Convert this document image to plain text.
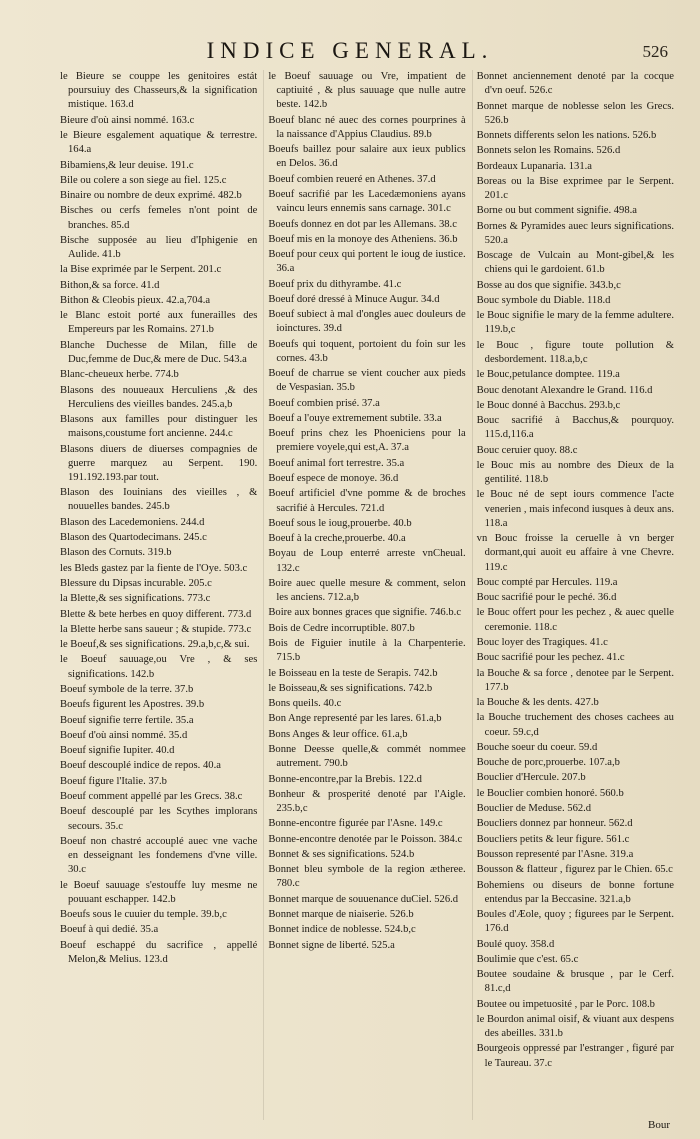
INDICE GENERAL.	526

le Bieure se couppe les genitoires estát poursuiuy des Chasseurs,& la signification mistique. 163.d

Bieure d'où ainsi nommé. 163.c

le Bieure esgalement aquatique & terrestre. 164.a

Bibamiens,& leur deuise. 191.c

Bile ou colere a son siege au fiel. 125.c

Binaire ou nombre de deux exprimé. 482.b

Bisches ou cerfs femeles n'ont point de branches. 85.d

Bische supposée au lieu d'Iphigenie en Aulide. 41.b

la Bise exprimée par le Serpent. 201.c

Bithon,& sa force. 41.d

Bithon & Cleobis pieux. 42.a,704.a

le Blanc estoit porté aux funerailles des Empereurs par les Romains. 271.b

Blanche Duchesse de Milan, fille de Duc,femme de Duc,& mere de Duc. 543.a

Blanc-cheueux herbe. 774.b

Blasons des nouueaux Herculiens ,& des Herculiens des vieilles bandes. 245.a,b

Blasons aux familles pour distinguer les maisons,coustume fort ancienne. 244.c

Blasons diuers de diuerses compagnies de guerre marquez au Serpent. 190. 191.192.193.par tout.

Blason des Iouinians des vieilles , & nouuelles bandes. 245.b

Blason des Lacedemoniens. 244.d

Blason des Quartodecimans. 245.c

Blason des Cornuts. 319.b

les Bleds gastez par la fiente de l'Oye. 503.c

Blessure du Dipsas incurable. 205.c

la Blette,& ses significations. 773.c

Blette & bete herbes en quoy different. 773.d

la Blette herbe sans saueur ; & stupide. 773.c

le Boeuf,& ses significations. 29.a,b,c,& sui.

le Boeuf sauuage,ou Vre , & ses significations. 142.b

Boeuf symbole de la terre. 37.b

Boeufs figurent les Apostres. 39.b

Boeuf signifie terre fertile. 35.a

Boeuf d'où ainsi nommé. 35.d

Boeuf signifie Iupiter. 40.d

Boeuf descouplé indice de repos. 40.a

Boeuf figure l'Italie. 37.b

Boeuf comment appellé par les Grecs. 38.c

Boeuf descouplé par les Scythes implorans secours. 35.c

Boeuf non chastré accouplé auec vne vache en desseignant les fondemens d'vne ville. 30.c

le Boeuf sauuage s'estouffe luy mesme ne pouuant eschapper. 142.b

Boeufs sous le cuuier du temple. 39.b,c

Boeuf à qui dedié. 35.a

Boeuf eschappé du sacrifice , appellé Melon,& Melius. 123.d

le Boeuf sauuage ou Vre, impatient de captiuité , & plus sauuage que nulle autre beste. 142.b

Boeuf blanc né auec des cornes pourprines à la naissance d'Appius Claudius. 89.b

Boeufs baillez pour salaire aux ieux publics en Delos. 36.d

Boeuf combien reueré en Athenes. 37.d

Boeuf sacrifié par les Lacedæmoniens ayans vaincu leurs ennemis sans carnage. 301.c

Boeufs donnez en dot par les Allemans. 38.c

Boeuf mis en la monoye des Atheniens. 36.b

Boeuf pour ceux qui portent le ioug de iustice. 36.a

Boeuf prix du dithyrambe. 41.c

Boeuf doré dressé à Minuce Augur. 34.d

Boeuf subiect à mal d'ongles auec douleurs de ioinctures. 39.d

Boeufs qui toquent, portoient du foin sur les cornes. 43.b

Boeuf de charrue se vient coucher aux pieds de Vespasian. 35.b

Boeuf combien prisé. 37.a

Boeuf a l'ouye extremement subtile. 33.a

Boeuf prins chez les Phoeniciens pour la premiere voyele,qui est,A. 37.a

Boeuf animal fort terrestre. 35.a

Boeuf espece de monoye. 36.d

Boeuf artificiel d'vne pomme & de broches sacrifié à Hercules. 721.d

Boeuf sous le ioug,prouerbe. 40.b

Boeuf à la creche,prouerbe. 40.a

Boyau de Loup enterré arreste vnCheual. 132.c

Boire auec quelle mesure & comment, selon les anciens. 712.a,b

Boire aux bonnes graces que signifie. 746.b.c

Bois de Cedre incorruptible. 807.b

Bois de Figuier inutile à la Charpenterie. 715.b

le Boisseau en la teste de Serapis. 742.b

le Boisseau,& ses significations. 742.b

Bons queils. 40.c

Bon Ange representé par les lares. 61.a,b

Bons Anges & leur office. 61.a,b

Bonne Deesse quelle,& commét nommee autrement. 790.b

Bonne-encontre,par la Brebis. 122.d

Bonheur & prosperité denoté par l'Aigle. 235.b,c

Bonne-encontre figurée par l'Asne. 149.c

Bonne-encontre denotée par le Poisson. 384.c

Bonnet & ses significations. 524.b

Bonnet bleu symbole de la region ætheree. 780.c

Bonnet marque de souuenance duCiel. 526.d

Bonnet marque de niaiserie. 526.b

Bonnet indice de noblesse. 524.b,c

Bonnet signe de liberté. 525.a

Bonnet anciennement denoté par la cocque d'vn oeuf. 526.c

Bonnet marque de noblesse selon les Grecs. 526.b

Bonnets differents selon les nations. 526.b

Bonnets selon les Romains. 526.d

Bordeaux Lupanaria. 131.a

Boreas ou la Bise exprimee par le Serpent. 201.c

Borne ou but comment signifie. 498.a

Bornes & Pyramides auec leurs significations. 520.a

Boscage de Vulcain au Mont-gibel,& les chiens qui le gardoient. 61.b

Bosse au dos que signifie. 343.b,c

Bouc symbole du Diable. 118.d

le Bouc signifie le mary de la femme adultere. 119.b,c

le Bouc , figure toute pollution & desbordement. 118.a,b,c

le Bouc,petulance domptee. 119.a

Bouc denotant Alexandre le Grand. 116.d

le Bouc donné à Bacchus. 293.b,c

Bouc sacrifié à Bacchus,& pourquoy. 115.d,116.a

Bouc ceruier quoy. 88.c

le Bouc mis au nombre des Dieux de la gentilité. 118.b

le Bouc né de sept iours commence l'acte venerien , mais infecond iusques à deux ans. 118.a

vn Bouc froisse la ceruelle à vn berger dormant,qui auoit eu affaire à vne Chevre. 119.c

Bouc compté par Hercules. 119.a

Bouc sacrifié pour le peché. 36.d

le Bouc offert pour les pechez , & auec quelle ceremonie. 118.c

Bouc loyer des Tragiques. 41.c

Bouc sacrifié pour les pechez. 41.c

la Bouche & sa force , denotee par le Serpent. 177.b

la Bouche & les dents. 427.b

la Bouche truchement des choses cachees au coeur. 59.c,d

Bouche soeur du coeur. 59.d

Bouche de porc,prouerbe. 107.a,b

Bouclier d'Hercule. 207.b

le Bouclier combien honoré. 560.b

Bouclier de Meduse. 562.d

Boucliers donnez par honneur. 562.d

Boucliers petits & leur figure. 561.c

Bousson representé par l'Asne. 319.a

Bousson & flatteur , figurez par le Chien. 65.c

Bohemiens ou diseurs de bonne fortune entendus par la Beccasine. 321.a,b

Boules d'Æole, quoy ; figurees par le Serpent. 176.d

Boulé quoy. 358.d

Boulimie que c'est. 65.c

Boutee soudaine & brusque , par le Cerf. 81.c,d

Boutee ou impetuosité , par le Porc. 108.b

le Bourdon animal oisif, & viuant aux despens des abeilles. 331.b

Bourgeois oppressé par l'estranger , figuré par le Taureau. 37.c

Bour
